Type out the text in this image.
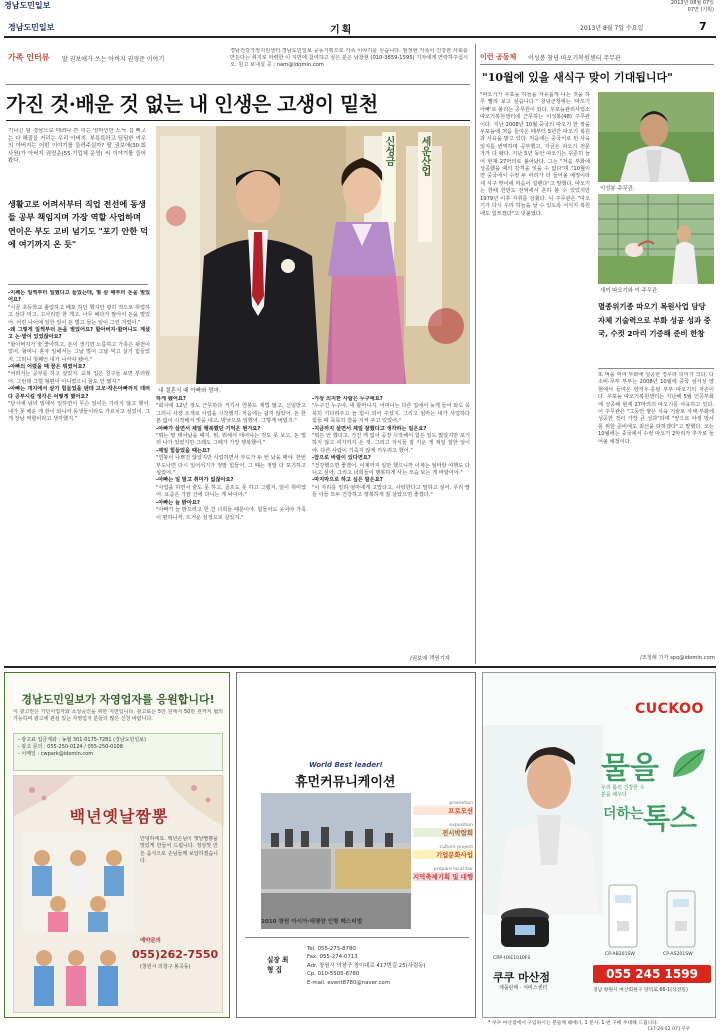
경남도민일보	2013년 08월 07일
07면 (기획)
경남도민일보	기획	2013년 8월 7일 수요일	7
가족 인터뷰 딸 권보애가 쓰는 아버지 권영준 이야기
경남건강가정지원센터·경남도민일보 공동기획으로 가족 이야기를 싣습니다. 엄정현 가족이 건강한 사회를 만든다는 취지로 마련한 이 지면에 참여하고 싶은 분은 남창현 (010-3659-1595) 기자에게 연락하주십시오. 원고 보내실 곳 : nam@idomin.com
가진 것·배운 것 없는 내 인생은 고생이 밑천
기나긴 팀 경남으로 데려나 쁜 히는 엄마인한 도득 집 삐고는 다 해질을 거리는 우리 아버지. 부특특하고 딤딤한 여우의 아버지는 어떤 이야기를 들려주실까? 딸 권보애(30·회사원)가 아버지 권영준(55·기업체 운영) 씨 이야기를 들어봤다.
생활고로 어려서부터 직업 전선에 동생들 공부 책임지며 가장 역할 사업하며 연이은 부도 고비 넘기도 "포기 안한 덕에 여기까지 온 듯"
신성금	세운산업
내 결혼식 때 아빠와 엄마.

-이쎄는 일찍부터 일했다고 들었는데, 몇 살 때부터 돈을 벌었어요?

"시골 초등학교 졸업하고 배포 하던 했지만 광히 적으로 취업하고 상다 미고. 고사리만 한 게고. 나무 해다가 팔아서 돈을 벌었어. 어린 나이에 일한 일이 돈 벌고 들는 일이 그런 거였어."

-왜 그렇게 일찍부터 돈을 벌었어요? 할아버지·할머니도 계셨고 논·밭이 있었잖아요?

"할아버지가 술 좋아하고, 돈이 생기면 노름하고 가족은 뒷전이었어. 할머니 혼자 일해서는 그날 벌어 그날 먹고 살기 힘들었지. 그러니 첫째인 내가 나서야 됐어."

-아빠의 어렸을 때 꿈은 뭐였어요?

"어려서는 공부를 하고 싶었지. 교복 입은 친구들 보면 부러웠어. 그런데 그럴 형편이 아니었으니 꿈도 안 꿨지."

-아빠는 개지에서 살기 힘들었을 텐데 고모·작은아빠까지 데려다 공부시킬 생각은 어떻게 했어요?

"당시에 남의 밑에서 일하면서 무슨 일이든 가리지 않고 했어. 내가 못 배운 게 한이 되니까 동생들이라도 가르치고 싶었어. 그게 장남 역할이라고 생각했지."

하게 됐어요?

"회사에 12년 정도 근무하다 거기서 연봉도 제법 많고, 신임받고 그러니 사장 소개로 사업을 시작했지. 처음에는 쉽지 않았어. 돈 한 푼 없이 시작해서 빚을 내고, 밤낮으로 일했어. 그렇게 버텼지."

-아빠가 살면서 제일 행복했던 기억은 뭔가요?

"뭐는 말 태어났을 때지. 뭐, 뭐해서 태어나는 것도 못 보고, 돈 벌러 나가 있었지만 그래도 그때가 가장 행복했어."

-제일 힘들었을 때는요?

"연봉이 나쁘진 않았지만 사업하면서 부도가 두 번 났을 때야. 한번 부도나면 다시 일어서기가 정말 힘들어. 그 때는 정말 다 포기하고 싶었어."

-아빠는 일 말고 취미가 없잖아요?

"사업을 하면서 술도 못 하고, 골프도 못 하고 그랬지. 일이 취미였어. 요즘은 가끔 산에 다니는 게 낙이야."

-아빠는 늘 밝아요?

"아빠가 늘 밝으려고 한 건 너희들 때문이야. 힘들어도 웃어야 가족이 편하니까. 뜨거운 심정으로 살았지."

-가장 의지한 사람은 누구예요?

"누구긴 누구야, 네 할머니지. 어머니는 다른 집에서 늦게 들어 와도 묵묵히 기다려주고 늘 힘이 되어 주셨지. 그리고 엄마는 내가 사업하다 힘들 때 묵묵히 곁을 지켜 주고 있었어."

-지금까지 살면서 제일 잘했다고 생각하는 일은요?

"뭐든 안 했다고, 가진 게 없어 공장 시작해서 힘든 일도 많았지만 포기하지 않고 여기까지 온 것. 그리고 자식들 잘 키운 게 제일 잘한 일이야. 다른 사람이 기죽지 않게 키우려고 했어."

-앞으로 바람이 있다면요?

"건강했으면 좋겠어. 이제까지 일만 했으니까 이제는 엄마랑 여행도 다니고 싶어. 그리고 너희들이 행복하게 사는 모습 보는 게 바람이야."

-마지막으로 하고 싶은 말은요?

"이 자리를 빌려 엄마에게 고맙다고, 사랑한다고 말하고 싶어. 우리 딸들 아들 모두 건강하고 행복하게 잘 살았으면 좋겠다."

/권보애 객원기자
이런 공동체 이성봉 창녕 따오기복원센터 주무관
"10월에 있을 새식구 맞이 기대됩니다"
"따오기가 우포늪 하늘을 자유롭게 나는 것을 하루 빨리 보고 싶습니다." 창녕군청에는 '따오기 아빠'로 불리는 공무원이 있다. 우포늪관리사업소 따오기복원센터에 근무하는 이성봉(48) 주무관이다. 지난 2008년 10월 중국의 따오기 한 쌍을 우포늪에 처음 들여온 때부터 5년간 따오기 복원과 사육을 맡고 있다. 처음에는 중국어로 된 사육일지를 번역하며 공부했고, 지금은 따오기 전문가가 다 됐다. 지난 5년 동안 따오기는 꾸준히 늘어 현재 27마리로 불어났다. 그는 "처음 부화에 성공했을 때의 감격을 잊을 수 없다"며 "10월이면 중국에서 수컷 두 마리가 더 들어올 예정이라 새 식구 맞이에 마음이 설렌다"고 말했다. 따오기는 한때 한반도 전역에서 흔히 볼 수 있었지만 1979년 이후 자취를 감췄다. 이 주무관은 "따오기가 다시 우리 하늘을 날 수 있도록 서식지 복원에도 힘쓰겠다"고 덧붙였다.
이성봉 주무관.
새끼 따오기와 이 주무관.
멸종위기종 따오기 복원사업 담당 자체 기술력으로 부화 성공 성과 중국, 수컷 2마리 기증해 준비 한창
또 먹을 먹여 부화에 성공한 경우라 의미가 크다. 다소비·무부 부부는 2008년 10월에 중국 섬서성 양현에서 들여온 양저우·룽팅 부부 따오기의 자손이다. 우포늪 따오기복원센터는 지난해 5월 인공부화에 성공해 현재 27마리의 따오기를 사육하고 있다. 이 주무관은 "그동안 쌓은 사육 기술로 자체 부화에 성공한 것이 가장 큰 성과"라며 "앞으로 야생 방사를 위한 준비에도 최선을 다하겠다"고 말했다. 오는 10월에는 중국에서 수컷 따오기 2마리가 추가로 들어올 예정이다.
/조청래 기자 spo@idomin.com
경남도민일보가 자영업자를 응원합니다!
이 광고란은 가던사업자와 소상공인을 위한 지면입니다. 광고료는 5만 원에서 50만 원까지 협의 가능하며 광고에 관심 있는 자영업자 분들의 많은 신청 바랍니다.
- 광고료 입금계좌 : 농협 301-0175-7281 (경남도민일보)
- 광고 문의 : 055-250-0124 / 055-250-0108
- 이메일 : cwpark@idomin.com
백년옛날짬뽕
안녕하세요. 백년손님이 옛날짬뽕을 맛있게 만들어 드립니다. 정성껏 만든 음식으로 손님들께 보답하겠습니다.
예약문의
055)262-7550
(창원시 의창구 봉곡동)
World Best leader!
휴먼커뮤니케이션
promotion
프로모션
exposition
전시박람회
culture project
기업문화사업
prepare local fair
지역축제기획 및 대행
2010 창원 아시아·태평양 인형 페스티벌
실장 최 형 집
Tel. 055-275-8780
Fax. 055-274-0713
Adr. 창원시 의창구 창이대로 417번길 25(사림동)
Cp. 010-5505-8780
E-mail. event8780@naver.com
CUCKOO
물을
우리 몸의 건강한 수분을 채우다
더하는 톡스
CRP-HXE1010FS
CP-AB201SW	CP-AS201SW
쿠쿠 마산점
제품판매 · 서비스센터
055 245 1599
경남 창원시 마산회원구 양덕로 66-1(석전동)
* 쿠쿠 마산점에서 구입하시는 분들께 헤에너, 1 분사, 1 번 구매 우대해 드립니다.
[37-24-52 07] 쿠쿠
